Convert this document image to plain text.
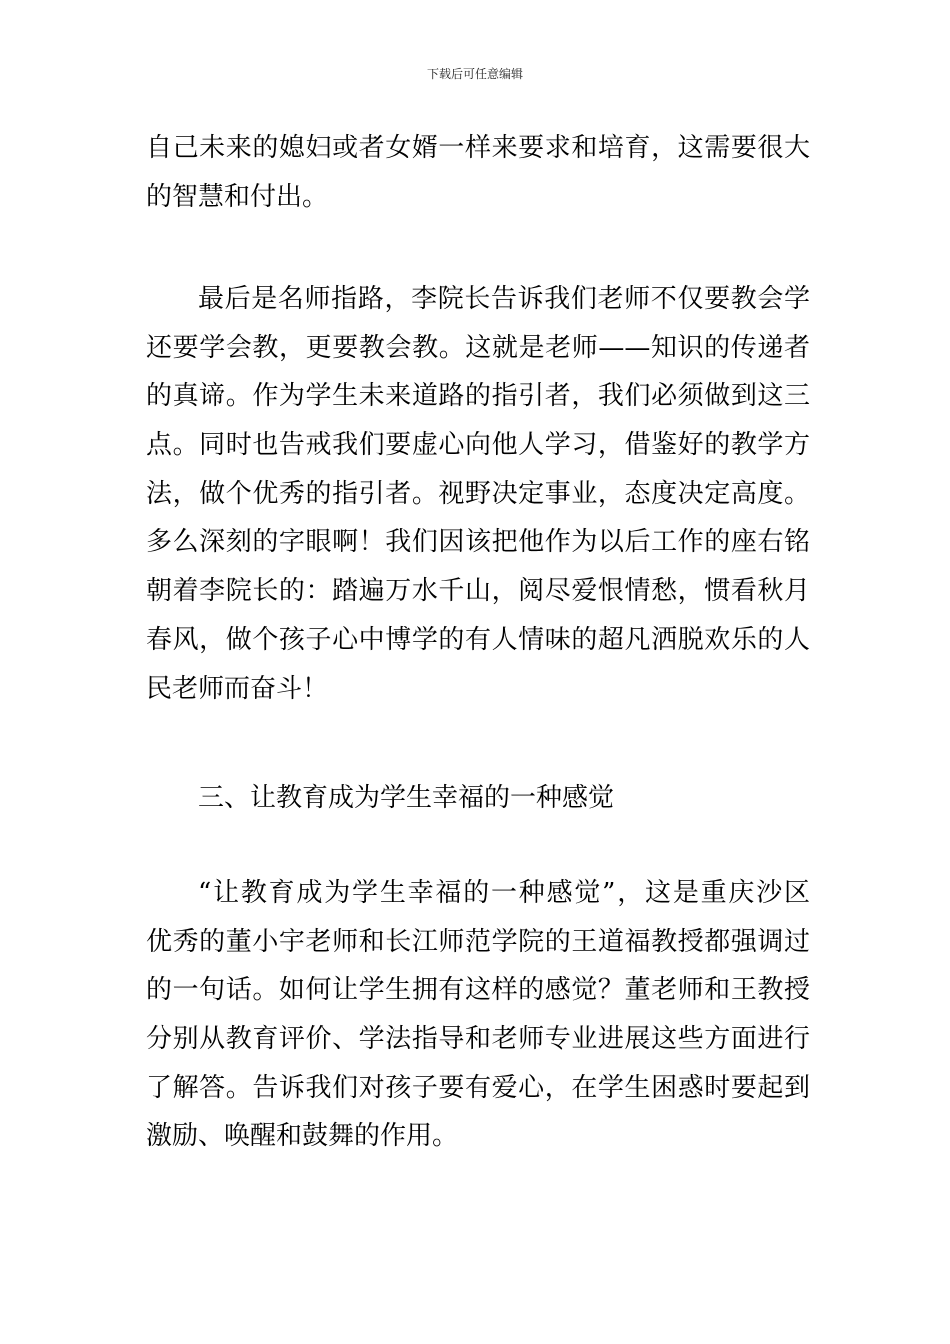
下载后可任意编辑
自己未来的媳妇或者女婿一样来要求和培育，这需要很大
的智慧和付出。
最后是名师指路，李院长告诉我们老师不仅要教会学
还要学会教，更要教会教。这就是老师——知识的传递者
的真谛。作为学生未来道路的指引者，我们必须做到这三
点。同时也告戒我们要虚心向他人学习，借鉴好的教学方
法，做个优秀的指引者。视野决定事业，态度决定高度。
多么深刻的字眼啊！我们因该把他作为以后工作的座右铭
朝着李院长的：踏遍万水千山，阅尽爱恨情愁，惯看秋月
春风，做个孩子心中博学的有人情味的超凡洒脱欢乐的人
民老师而奋斗！
三、让教育成为学生幸福的一种感觉
“让教育成为学生幸福的一种感觉”，这是重庆沙区
优秀的董小宇老师和长江师范学院的王道福教授都强调过
的一句话。如何让学生拥有这样的感觉？董老师和王教授
分别从教育评价、学法指导和老师专业进展这些方面进行
了解答。告诉我们对孩子要有爱心，在学生困惑时要起到
激励、唤醒和鼓舞的作用。
